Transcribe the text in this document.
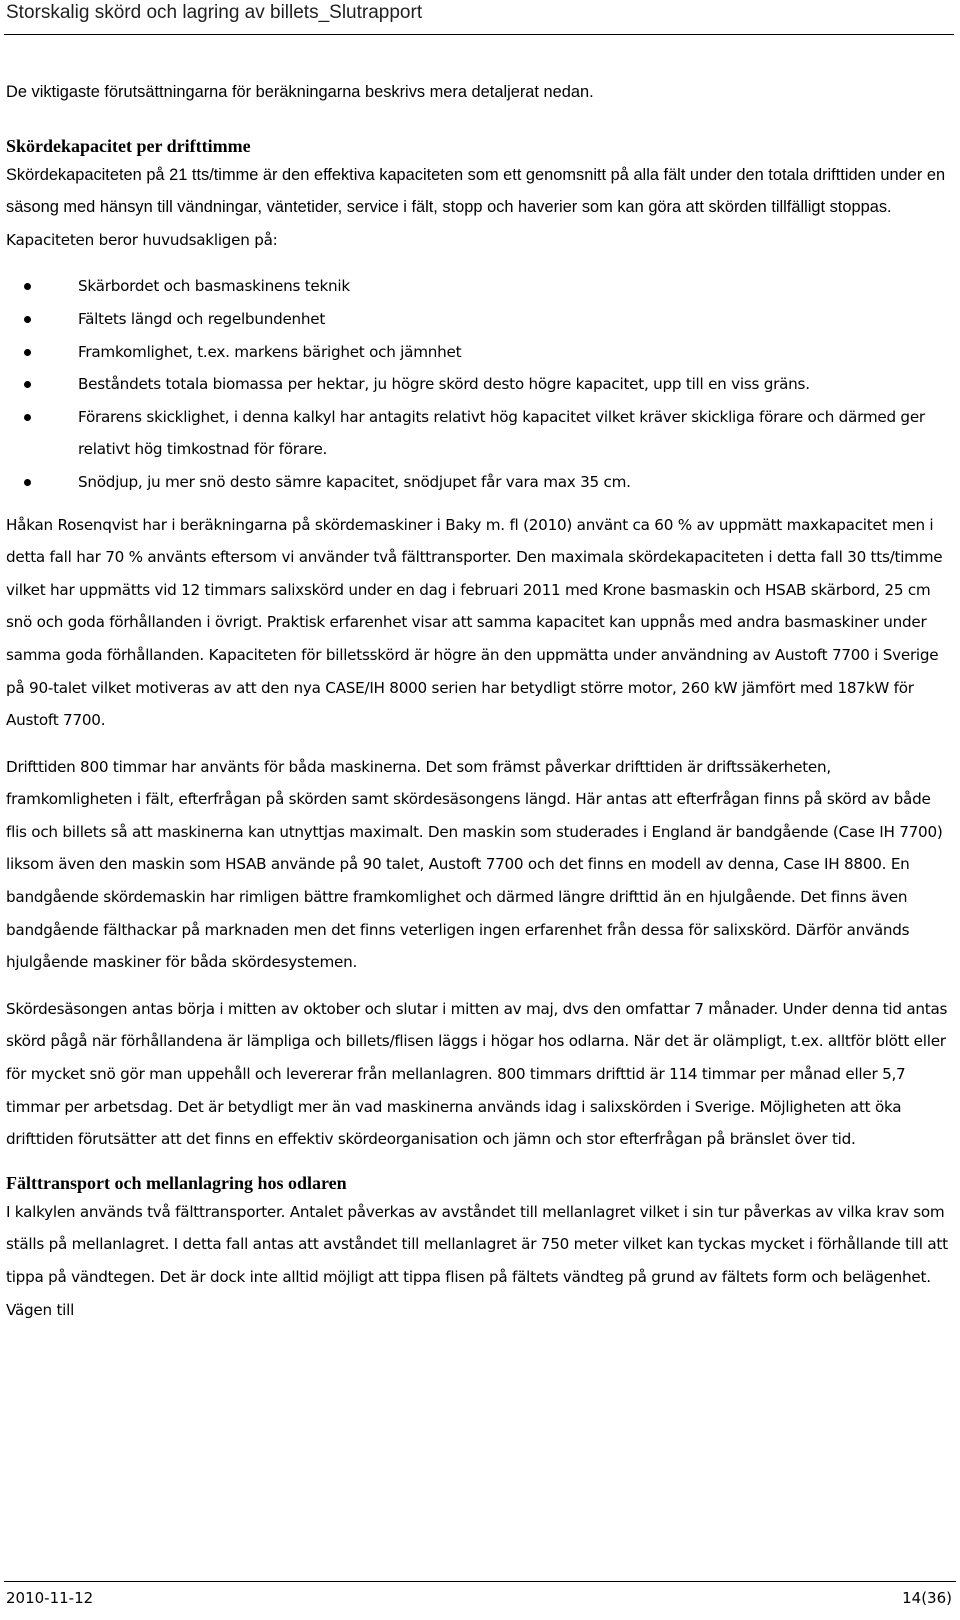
Storskalig skörd och lagring av billets_Slutrapport

De viktigaste förutsättningarna för beräkningarna beskrivs mera detaljerat nedan.

Skördekapacitet per drifttimme

Skördekapaciteten på 21 tts/timme är den effektiva kapaciteten som ett genomsnitt på alla fält under den totala drifttiden under en säsong med hänsyn till vändningar, väntetider, service i fält, stopp och haverier som kan göra att skörden tillfälligt stoppas. Kapaciteten beror huvudsakligen på:

Skärbordet och basmaskinens teknik
Fältets längd och regelbundenhet
Framkomlighet, t.ex. markens bärighet och jämnhet
Beståndets totala biomassa per hektar, ju högre skörd desto högre kapacitet, upp till en viss gräns.
Förarens skicklighet, i denna kalkyl har antagits relativt hög kapacitet vilket kräver skickliga förare och därmed ger relativt hög timkostnad för förare.
Snödjup, ju mer snö desto sämre kapacitet, snödjupet får vara max 35 cm.

Håkan Rosenqvist har i beräkningarna på skördemaskiner i Baky m. fl (2010) använt ca 60 % av uppmätt maxkapacitet men i detta fall har 70 % använts eftersom vi använder två fälttransporter. Den maximala skördekapaciteten i detta fall 30 tts/timme vilket har uppmätts vid 12 timmars salixskörd under en dag i februari 2011 med Krone basmaskin och HSAB skärbord, 25 cm snö och goda förhållanden i övrigt. Praktisk erfarenhet visar att samma kapacitet kan uppnås med andra basmaskiner under samma goda förhållanden. Kapaciteten för billetsskörd är högre än den uppmätta under användning av Austoft 7700 i Sverige på 90-talet vilket motiveras av att den nya CASE/IH 8000 serien har betydligt större motor, 260 kW jämfört med 187kW för Austoft 7700.

Drifttiden 800 timmar har använts för båda maskinerna. Det som främst påverkar drifttiden är driftssäkerheten, framkomligheten i fält, efterfrågan på skörden samt skördesäsongens längd. Här antas att efterfrågan finns på skörd av både flis och billets så att maskinerna kan utnyttjas maximalt. Den maskin som studerades i England är bandgående (Case IH 7700) liksom även den maskin som HSAB använde på 90 talet, Austoft 7700 och det finns en modell av denna, Case IH 8800. En bandgående skördemaskin har rimligen bättre framkomlighet och därmed längre drifttid än en hjulgående. Det finns även bandgående fälthackar på marknaden men det finns veterligen ingen erfarenhet från dessa för salixskörd. Därför används hjulgående maskiner för båda skördesystemen.

Skördesäsongen antas börja i mitten av oktober och slutar i mitten av maj, dvs den omfattar 7 månader. Under denna tid antas skörd pågå när förhållandena är lämpliga och billets/flisen läggs i högar hos odlarna. När det är olämpligt, t.ex. alltför blött eller för mycket snö gör man uppehåll och levererar från mellanlagren. 800 timmars drifttid är 114 timmar per månad eller 5,7 timmar per arbetsdag. Det är betydligt mer än vad maskinerna används idag i salixskörden i Sverige. Möjligheten att öka drifttiden förutsätter att det finns en effektiv skördeorganisation och jämn och stor efterfrågan på bränslet över tid.

Fälttransport och mellanlagring hos odlaren

I kalkylen används två fälttransporter. Antalet påverkas av avståndet till mellanlagret vilket i sin tur påverkas av vilka krav som ställs på mellanlagret. I detta fall antas att avståndet till mellanlagret är 750 meter vilket kan tyckas mycket i förhållande till att tippa på vändtegen. Det är dock inte alltid möjligt att tippa flisen på fältets vändteg på grund av fältets form och belägenhet. Vägen till

2010-11-12	14(36)
